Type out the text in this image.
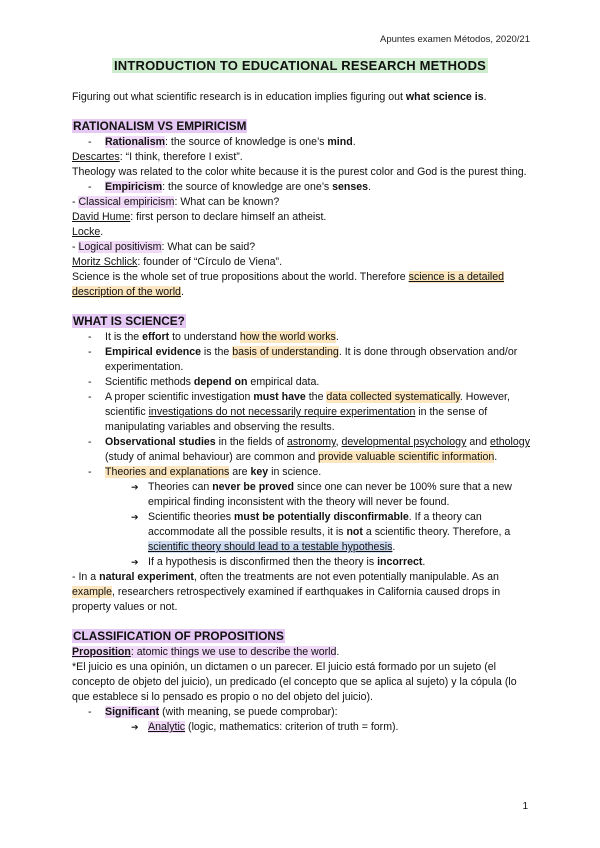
Apuntes examen Métodos, 2020/21
INTRODUCTION TO EDUCATIONAL RESEARCH METHODS

Figuring out what scientific research is in education implies figuring out what science is.

RATIONALISM VS EMPIRICISM
- Rationalism: the source of knowledge is one’s mind.

Descartes: “I think, therefore I exist”.

Theology was related to the color white because it is the purest color and God is the purest thing.

- Empiricism: the source of knowledge are one’s senses.

- Classical empiricism: What can be known?

David Hume: first person to declare himself an atheist.

Locke.

- Logical positivism: What can be said?

Moritz Schlick: founder of “Círculo de Viena”.

Science is the whole set of true propositions about the world. Therefore science is a detailed description of the world.

WHAT IS SCIENCE?
- It is the effort to understand how the world works.
- Empirical evidence is the basis of understanding. It is done through observation and/or experimentation.
- Scientific methods depend on empirical data.
- A proper scientific investigation must have the data collected systematically. However, scientific investigations do not necessarily require experimentation in the sense of manipulating variables and observing the results.
- Observational studies in the fields of astronomy, developmental psychology and ethology (study of animal behaviour) are common and provide valuable scientific information.
- Theories and explanations are key in science.
➔ Theories can never be proved since one can never be 100% sure that a new empirical finding inconsistent with the theory will never be found.
➔ Scientific theories must be potentially disconfirmable. If a theory can accommodate all the possible results, it is not a scientific theory. Therefore, a scientific theory should lead to a testable hypothesis.
➔ If a hypothesis is disconfirmed then the theory is incorrect.

- In a natural experiment, often the treatments are not even potentially manipulable. As an example, researchers retrospectively examined if earthquakes in California caused drops in property values or not.

CLASSIFICATION OF PROPOSITIONS

Proposition: atomic things we use to describe the world.

*El juicio es una opinión, un dictamen o un parecer. El juicio está formado por un sujeto (el concepto de objeto del juicio), un predicado (el concepto que se aplica al sujeto) y la cópula (lo que establece si lo pensado es propio o no del objeto del juicio).

- Significant (with meaning, se puede comprobar):
➔ Analytic (logic, mathematics: criterion of truth = form).
1
